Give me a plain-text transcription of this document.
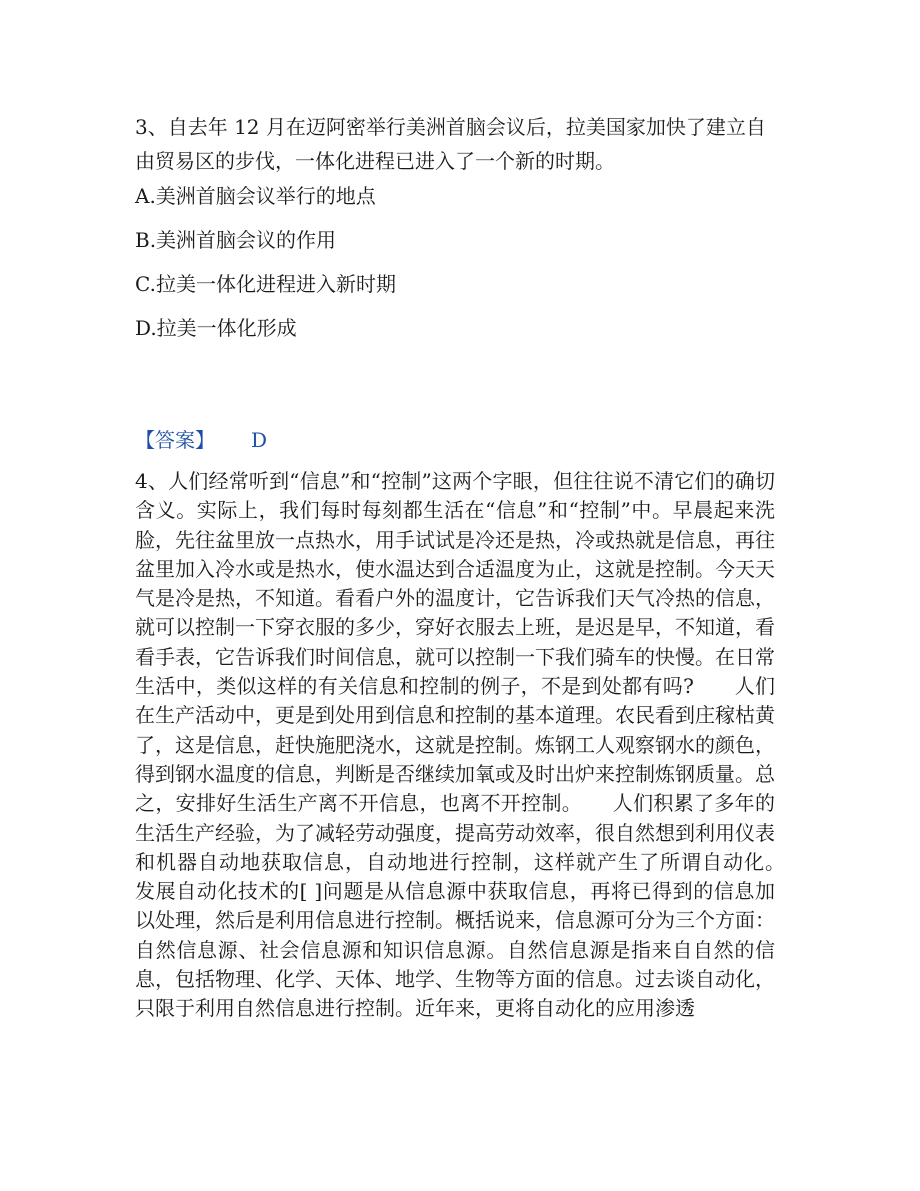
3、自去年 12 月在迈阿密举行美洲首脑会议后，拉美国家加快了建立自由贸易区的步伐，一体化进程已进入了一个新的时期。
A.美洲首脑会议举行的地点
B.美洲首脑会议的作用
C.拉美一体化进程进入新时期
D.拉美一体化形成
【答案】 D
4、人们经常听到“信息”和“控制”这两个字眼，但往往说不清它们的确切含义。实际上，我们每时每刻都生活在“信息”和“控制”中。早晨起来洗脸，先往盆里放一点热水，用手试试是冷还是热，冷或热就是信息，再往盆里加入冷水或是热水，使水温达到合适温度为止，这就是控制。今天天气是冷是热，不知道。看看户外的温度计，它告诉我们天气冷热的信息，就可以控制一下穿衣服的多少，穿好衣服去上班，是迟是早，不知道，看看手表，它告诉我们时间信息，就可以控制一下我们骑车的快慢。在日常生活中，类似这样的有关信息和控制的例子，不是到处都有吗?　　人们在生产活动中，更是到处用到信息和控制的基本道理。农民看到庄稼枯黄了，这是信息，赶快施肥浇水，这就是控制。炼钢工人观察钢水的颜色，得到钢水温度的信息，判断是否继续加氧或及时出炉来控制炼钢质量。总之，安排好生活生产离不开信息，也离不开控制。　　人们积累了多年的生活生产经验，为了减轻劳动强度，提高劳动效率，很自然想到利用仪表和机器自动地获取信息，自动地进行控制，这样就产生了所谓自动化。　　发展自动化技术的[ ]问题是从信息源中获取信息，再将已得到的信息加以处理，然后是利用信息进行控制。概括说来，信息源可分为三个方面：自然信息源、社会信息源和知识信息源。自然信息源是指来自自然的信息，包括物理、化学、天体、地学、生物等方面的信息。过去谈自动化，只限于利用自然信息进行控制。近年来，更将自动化的应用渗透
